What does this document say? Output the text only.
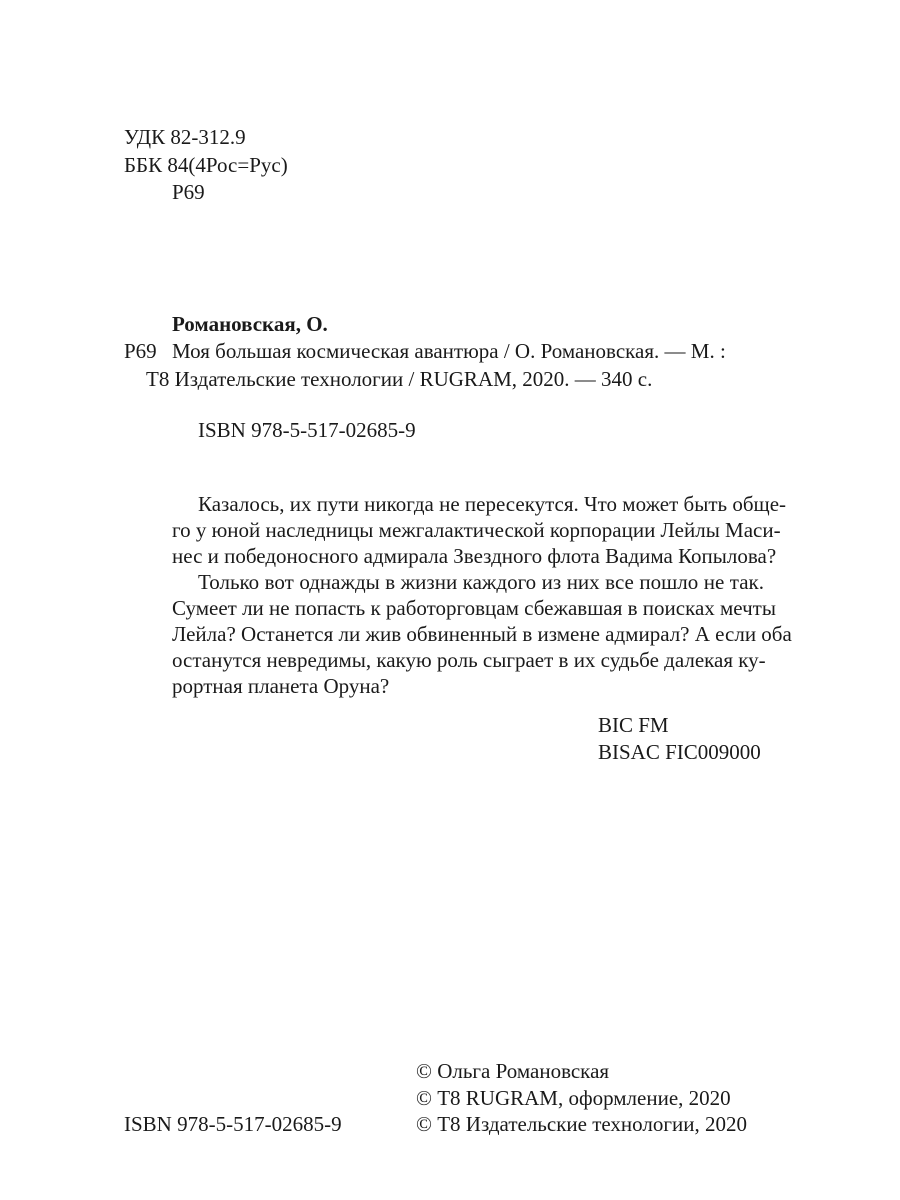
УДК 82-312.9
ББК 84(4Рос=Рус)
Р69
Романовская, О.
Р69 Моя большая космическая авантюра / О. Романовская. — М. :
Т8 Издательские технологии / RUGRAM, 2020. — 340 с.
ISBN 978-5-517-02685-9
Казалось, их пути никогда не пересекутся. Что может быть обще-
го у юной наследницы межгалактической корпорации Лейлы Маси-
нес и победоносного адмирала Звездного флота Вадима Копылова?
Только вот однажды в жизни каждого из них все пошло не так.
Сумеет ли не попасть к работорговцам сбежавшая в поисках мечты
Лейла? Останется ли жив обвиненный в измене адмирал? А если оба
останутся невредимы, какую роль сыграет в их судьбе далекая ку-
рортная планета Оруна?
BIC FM
BISAC FIC009000
© Ольга Романовская
© Т8 RUGRAM, оформление, 2020
ISBN 978-5-517-02685-9	© Т8 Издательские технологии, 2020
